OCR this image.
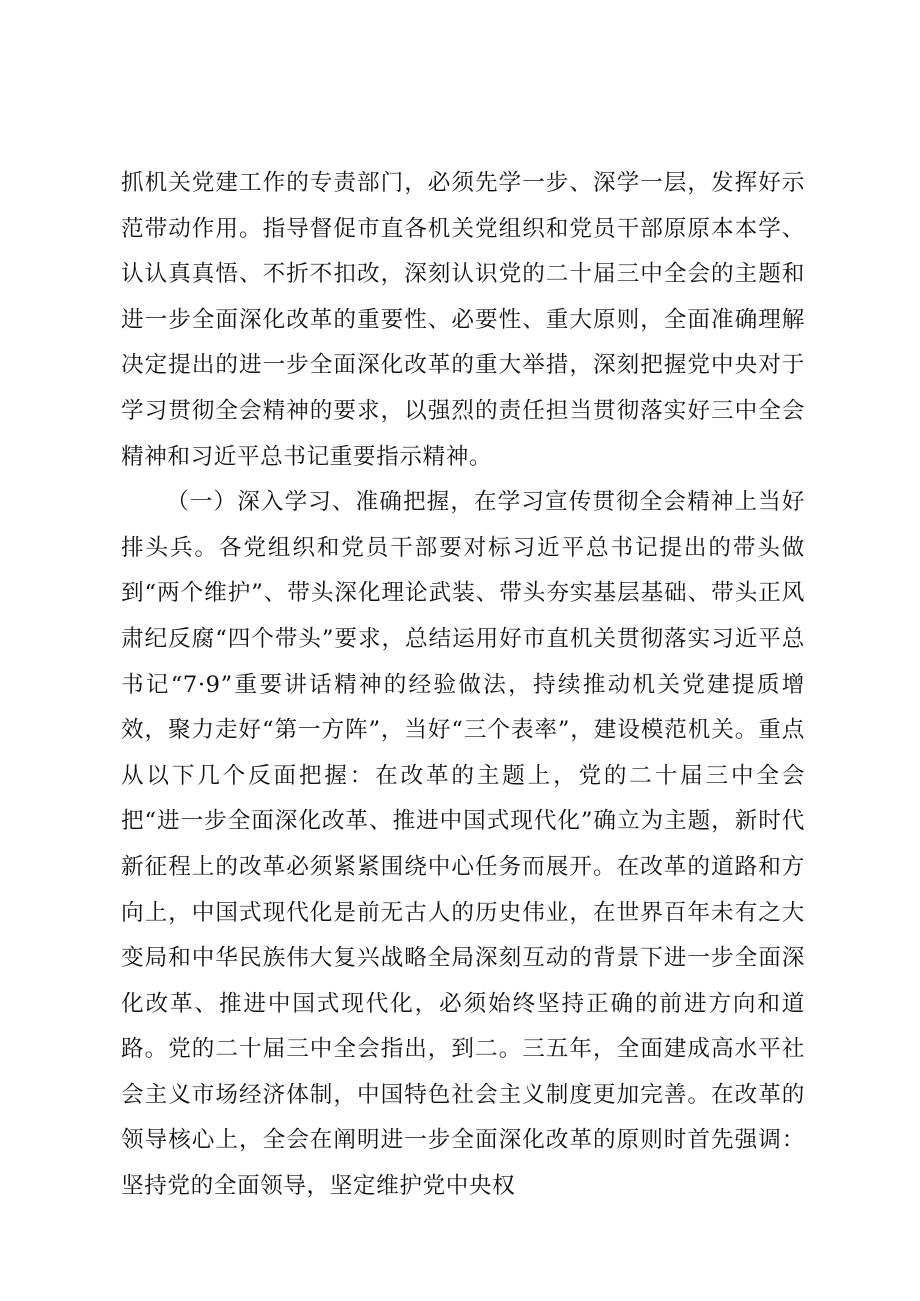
抓机关党建工作的专责部门，必须先学一步、深学一层，发挥好示范带动作用。指导督促市直各机关党组织和党员干部原原本本学、认认真真悟、不折不扣改，深刻认识党的二十届三中全会的主题和进一步全面深化改革的重要性、必要性、重大原则，全面准确理解决定提出的进一步全面深化改革的重大举措，深刻把握党中央对于学习贯彻全会精神的要求，以强烈的责任担当贯彻落实好三中全会精神和习近平总书记重要指示精神。

（一）深入学习、准确把握，在学习宣传贯彻全会精神上当好排头兵。各党组织和党员干部要对标习近平总书记提出的带头做到“两个维护”、带头深化理论武装、带头夯实基层基础、带头正风肃纪反腐“四个带头”要求，总结运用好市直机关贯彻落实习近平总书记“7·9”重要讲话精神的经验做法，持续推动机关党建提质增效，聚力走好“第一方阵”，当好“三个表率”，建设模范机关。重点从以下几个反面把握：在改革的主题上，党的二十届三中全会把“进一步全面深化改革、推进中国式现代化”确立为主题，新时代新征程上的改革必须紧紧围绕中心任务而展开。在改革的道路和方向上，中国式现代化是前无古人的历史伟业，在世界百年未有之大变局和中华民族伟大复兴战略全局深刻互动的背景下进一步全面深化改革、推进中国式现代化，必须始终坚持正确的前进方向和道路。党的二十届三中全会指出，到二。三五年，全面建成高水平社会主义市场经济体制，中国特色社会主义制度更加完善。在改革的领导核心上，全会在阐明进一步全面深化改革的原则时首先强调：坚持党的全面领导，坚定维护党中央权
